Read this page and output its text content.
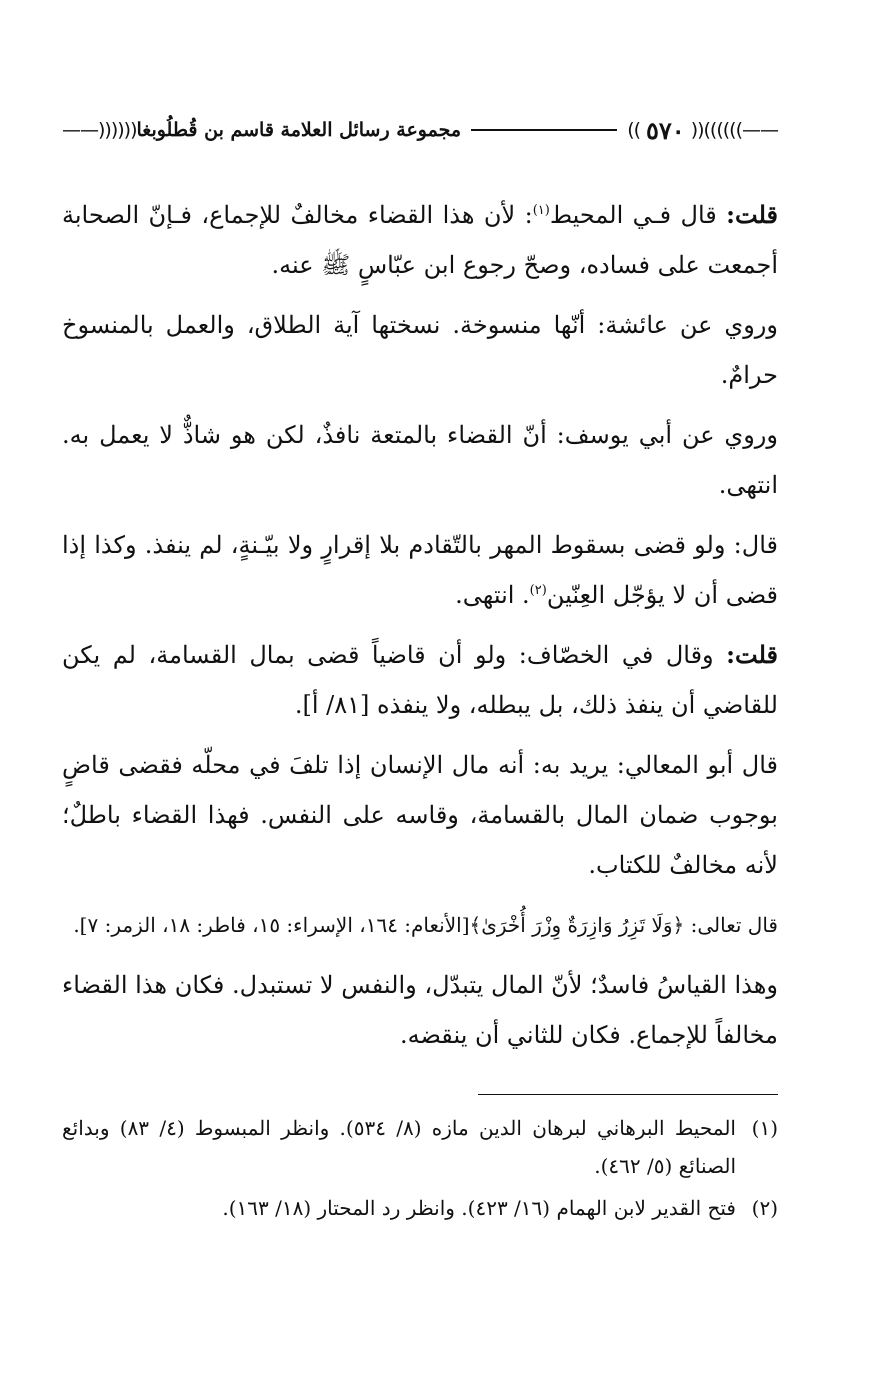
——))))))
((
٥٧٠
))
مجموعة رسائل العلامة قاسم بن قُطلُوبغا
((((((——

قلت: قال فـي المحيط$^{(١)}$: لأن هذا القضاء مخالفٌ للإجماع، فـإنّ الصحابة أجمعت على فساده، وصحّ رجوع ابن عبّاسٍ ﷺ عنه.

وروي عن عائشة: أنّها منسوخة. نسختها آية الطلاق، والعمل بالمنسوخ حرامٌ.

وروي عن أبي يوسف: أنّ القضاء بالمتعة نافذٌ، لكن هو شاذٌّ لا يعمل به. انتهى.

قال: ولو قضى بسقوط المهر بالتّقادم بلا إقرارٍ ولا بيّـنةٍ، لم ينفذ. وكذا إذا قضى أن لا يؤجّل العِنّين$^{(٢)}$. انتهى.

قلت: وقال في الخصّاف: ولو أن قاضياً قضى بمال القسامة، لم يكن للقاضي أن ينفذ ذلك، بل يبطله، ولا ينفذه [٨١/ أ].

قال أبو المعالي: يريد به: أنه مال الإنسان إذا تلفَ في محلّه فقضى قاضٍ بوجوب ضمان المال بالقسامة، وقاسه على النفس. فهذا القضاء باطلٌ؛ لأنه مخالفٌ للكتاب.

قال تعالى: ﴿وَلَا تَزِرُ وَازِرَةٌ وِزْرَ أُخْرَىٰ﴾[الأنعام: ١٦٤، الإسراء: ١٥، فاطر: ١٨، الزمر: ٧].

وهذا القياسُ فاسدٌ؛ لأنّ المال يتبدّل، والنفس لا تستبدل. فكان هذا القضاء مخالفاً للإجماع. فكان للثاني أن ينقضه.

(١)
المحيط البرهاني لبرهان الدين مازه (٨/ ٥٣٤). وانظر المبسوط (٤/ ٨٣) وبدائع الصنائع (٥/ ٤٦٢).
(٢)
فتح القدير لابن الهمام (١٦/ ٤٢٣). وانظر رد المحتار (١٨/ ١٦٣).
